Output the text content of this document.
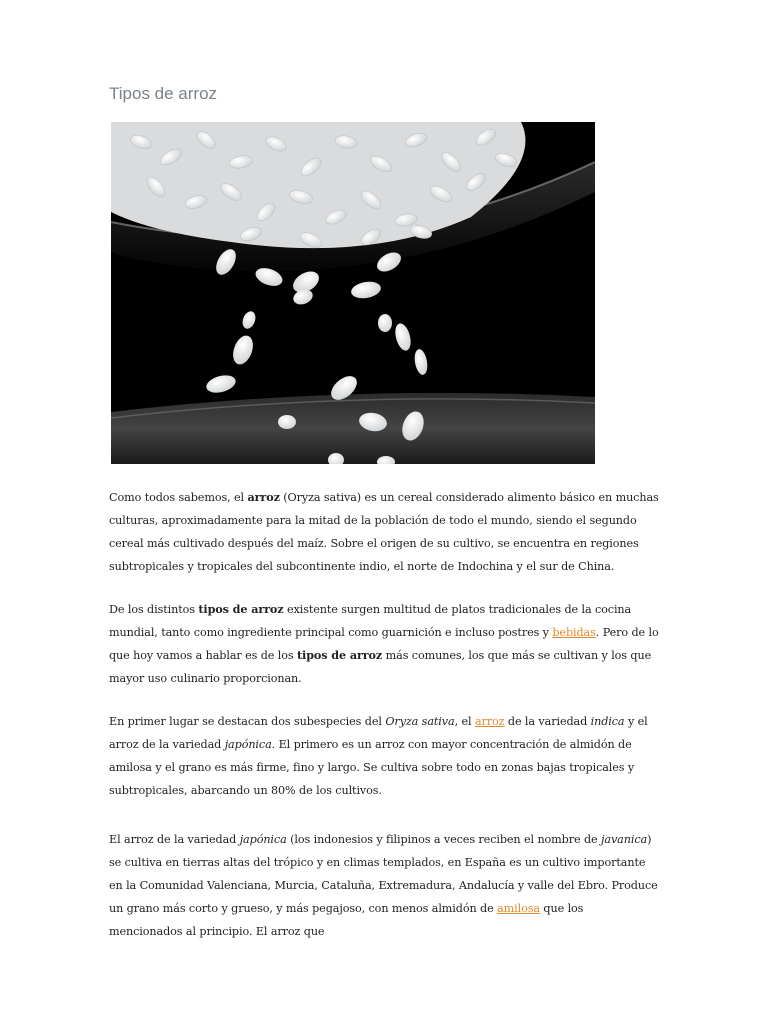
Tipos de arroz

Como todos sabemos, el arroz (Oryza sativa) es un cereal considerado alimento básico en muchas culturas, aproximadamente para la mitad de la población de todo el mundo, siendo el segundo cereal más cultivado después del maíz. Sobre el origen de su cultivo, se encuentra en regiones subtropicales y tropicales del subcontinente indio, el norte de Indochina y el sur de China.

De los distintos tipos de arroz existente surgen multitud de platos tradicionales de la cocina mundial, tanto como ingrediente principal como guarnición e incluso postres y bebidas. Pero de lo que hoy vamos a hablar es de los tipos de arroz más comunes, los que más se cultivan y los que mayor uso culinario proporcionan.

En primer lugar se destacan dos subespecies del Oryza sativa, el arroz de la variedad indica y el arroz de la variedad japónica. El primero es un arroz con mayor concentración de almidón de amilosa y el grano es más firme, fino y largo. Se cultiva sobre todo en zonas bajas tropicales y subtropicales, abarcando un 80% de los cultivos.

El arroz de la variedad japónica (los indonesios y filipinos a veces reciben el nombre de javanica) se cultiva en tierras altas del trópico y en climas templados, en España es un cultivo importante en la Comunidad Valenciana, Murcia, Cataluña, Extremadura, Andalucía y valle del Ebro. Produce un grano más corto y grueso, y más pegajoso, con menos almidón de amilosa que los mencionados al principio. El arroz que
